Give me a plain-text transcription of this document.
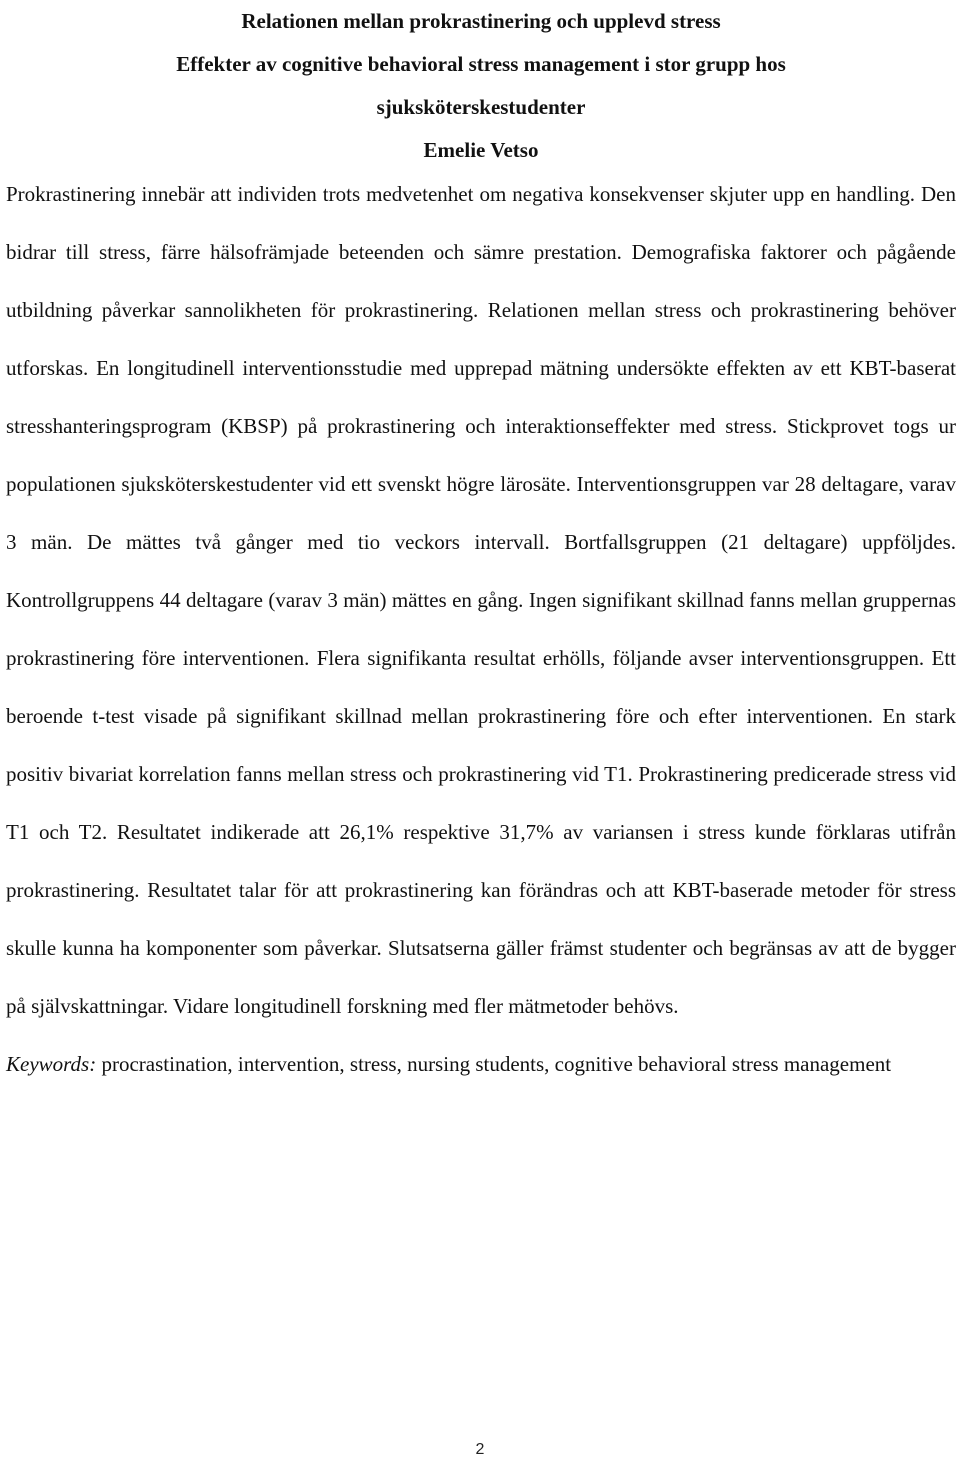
Relationen mellan prokrastinering och upplevd stress
Effekter av cognitive behavioral stress management i stor grupp hos
sjuksköterskestudenter
Emelie Vetso

Prokrastinering innebär att individen trots medvetenhet om negativa konsekvenser skjuter upp en handling. Den bidrar till stress, färre hälsofrämjade beteenden och sämre prestation. Demografiska faktorer och pågående utbildning påverkar sannolikheten för prokrastinering. Relationen mellan stress och prokrastinering behöver utforskas. En longitudinell interventionsstudie med upprepad mätning undersökte effekten av ett KBT-baserat stresshanteringsprogram (KBSP) på prokrastinering och interaktionseffekter med stress. Stickprovet togs ur populationen sjuksköterskestudenter vid ett svenskt högre lärosäte. Interventionsgruppen var 28 deltagare, varav 3 män. De mättes två gånger med tio veckors intervall. Bortfallsgruppen (21 deltagare) uppföljdes. Kontrollgruppens 44 deltagare (varav 3 män) mättes en gång. Ingen signifikant skillnad fanns mellan gruppernas prokrastinering före interventionen. Flera signifikanta resultat erhölls, följande avser interventionsgruppen. Ett beroende t-test visade på signifikant skillnad mellan prokrastinering före och efter interventionen. En stark positiv bivariat korrelation fanns mellan stress och prokrastinering vid T1. Prokrastinering predicerade stress vid T1 och T2. Resultatet indikerade att 26,1% respektive 31,7% av variansen i stress kunde förklaras utifrån prokrastinering. Resultatet talar för att prokrastinering kan förändras och att KBT-baserade metoder för stress skulle kunna ha komponenter som påverkar. Slutsatserna gäller främst studenter och begränsas av att de bygger på självskattningar. Vidare longitudinell forskning med fler mätmetoder behövs.
Keywords: procrastination, intervention, stress, nursing students, cognitive behavioral stress management

2
